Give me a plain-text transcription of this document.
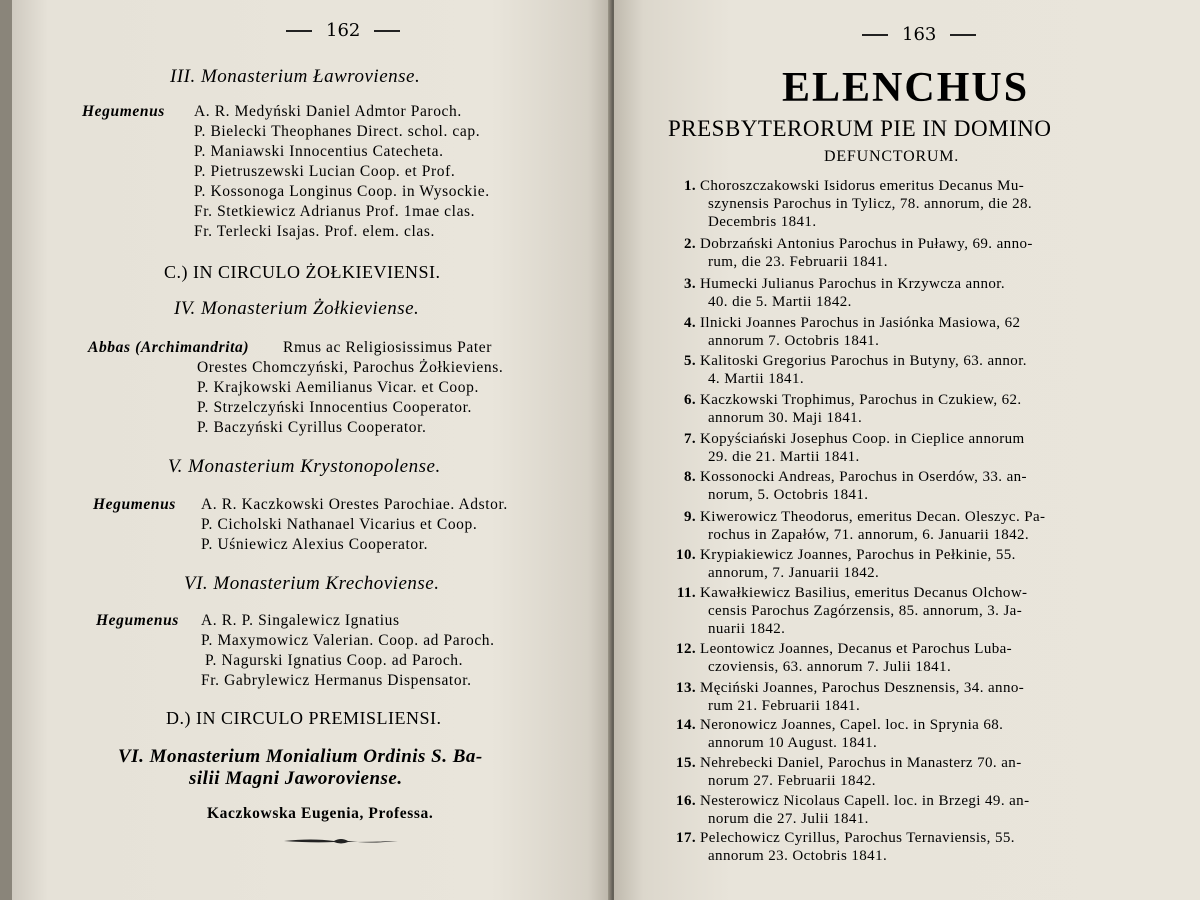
162
III. Monasterium Ławroviense.
Hegumenus A. R. Medyński Daniel Admtor Paroch.
P. Bielecki Theophanes Direct. schol. cap.
P. Maniawski Innocentius Catecheta.
P. Pietruszewski Lucian Coop. et Prof.
P. Kossonoga Longinus Coop. in Wysockie.
Fr. Stetkiewicz Adrianus Prof. 1mae clas.
Fr. Terlecki Isajas. Prof. elem. clas.
C.) IN CIRCULO ŻOŁKIEVIENSI.
IV. Monasterium Żołkieviense.
Abbas (Archimandrita) Rmus ac Religiosissimus Pater
Orestes Chomczyński, Parochus Żołkieviens.
P. Krajkowski Aemilianus Vicar. et Coop.
P. Strzelczyński Innocentius Cooperator.
P. Baczyński Cyrillus Cooperator.
V. Monasterium Krystonopolense.
Hegumenus A. R. Kaczkowski Orestes Parochiae. Adstor.
P. Cicholski Nathanael Vicarius et Coop.
P. Uśniewicz Alexius Cooperator.
VI. Monasterium Krechoviense.
Hegumenus A. R. P. Singalewicz Ignatius
P. Maxymowicz Valerian. Coop. ad Paroch.
P. Nagurski Ignatius Coop. ad Paroch.
Fr. Gabrylewicz Hermanus Dispensator.
D.) IN CIRCULO PREMISLIENSI.
VI. Monasterium Monialium Ordinis S. Ba-
silii Magni Jaworoviense.
Kaczkowska Eugenia, Professa.
163
ELENCHUS
PRESBYTERORUM PIE IN DOMINO
DEFUNCTORUM.
1. Choroszczakowski Isidorus emeritus Decanus Mu-
szynensis Parochus in Tylicz, 78. annorum, die 28.
Decembris 1841.
2. Dobrzański Antonius Parochus in Puławy, 69. anno-
rum, die 23. Februarii 1841.
3. Humecki Julianus Parochus in Krzywcza annor.
40. die 5. Martii 1842.
4. Ilnicki Joannes Parochus in Jasiónka Masiowa, 62
annorum 7. Octobris 1841.
5. Kalitoski Gregorius Parochus in Butyny, 63. annor.
4. Martii 1841.
6. Kaczkowski Trophimus, Parochus in Czukiew, 62.
annorum 30. Maji 1841.
7. Kopyściański Josephus Coop. in Cieplice annorum
29. die 21. Martii 1841.
8. Kossonocki Andreas, Parochus in Oserdów, 33. an-
norum, 5. Octobris 1841.
9. Kiwerowicz Theodorus, emeritus Decan. Oleszyc. Pa-
rochus in Zapałów, 71. annorum, 6. Januarii 1842.
10. Krypiakiewicz Joannes, Parochus in Pełkinie, 55.
annorum, 7. Januarii 1842.
11. Kawałkiewicz Basilius, emeritus Decanus Olchow-
censis Parochus Zagórzensis, 85. annorum, 3. Ja-
nuarii 1842.
12. Leontowicz Joannes, Decanus et Parochus Luba-
czoviensis, 63. annorum 7. Julii 1841.
13. Męciński Joannes, Parochus Desznensis, 34. anno-
rum 21. Februarii 1841.
14. Neronowicz Joannes, Capel. loc. in Sprynia 68.
annorum 10 August. 1841.
15. Nehrebecki Daniel, Parochus in Manasterz 70. an-
norum 27. Februarii 1842.
16. Nesterowicz Nicolaus Capell. loc. in Brzegi 49. an-
norum die 27. Julii 1841.
17. Pelechowicz Cyrillus, Parochus Ternaviensis, 55.
annorum 23. Octobris 1841.
